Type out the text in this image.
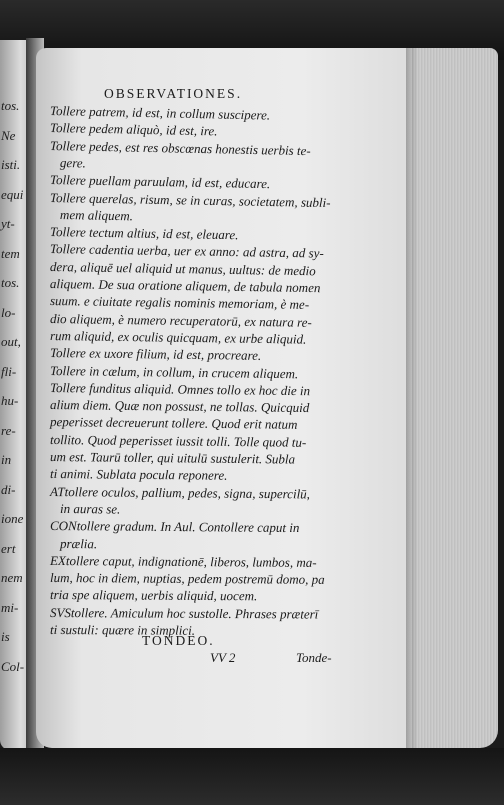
tos.
Ne
isti.
equi
yt-
tem
tos.
lo-
out,
fli-
hu-
re-
in
di-
ione
ert
nem
mi-
is
Col-
OBSERVATIONES.
Tollere patrem, id est, in collum suscipere.
Tollere pedem aliquò, id est, ire.
Tollere pedes, est res obscœnas honestis uerbis te-
gere.
Tollere puellam paruulam, id est, educare.
Tollere querelas, risum, se in curas, societatem, subli-
mem aliquem.
Tollere tectum altius, id est, eleuare.
Tollere cadentia uerba, uer ex anno: ad astra, ad sy-
dera, aliquē uel aliquid ut manus, uultus: de medio
aliquem. De sua oratione aliquem, de tabula nomen
suum. e ciuitate regalis nominis memoriam, è me-
dio aliquem, è numero recuperatorū, ex natura re-
rum aliquid, ex oculis quicquam, ex urbe aliquid.
Tollere ex uxore filium, id est, procreare.
Tollere in cælum, in collum, in crucem aliquem.
Tollere funditus aliquid. Omnes tollo ex hoc die in
alium diem. Quæ non possust, ne tollas. Quicquid
peperisset decreuerunt tollere. Quod erit natum
tollito. Quod peperisset iussit tolli. Tolle quod tu-
um est. Taurū toller, qui uitulū sustulerit. Subla
ti animi. Sublata pocula reponere.
ATtollere oculos, pallium, pedes, signa, supercilū,
in auras se.
CONtollere gradum. In Aul. Contollere caput in
prælia.
EXtollere caput, indignationē, liberos, lumbos, ma-
lum, hoc in diem, nuptias, pedem postremū domo, pa
tria spe aliquem, uerbis aliquid, uocem.
SVStollere. Amiculum hoc sustolle. Phrases præterī
ti sustuli: quære in simplici.
TONDEO.
VV 2	Tonde-
